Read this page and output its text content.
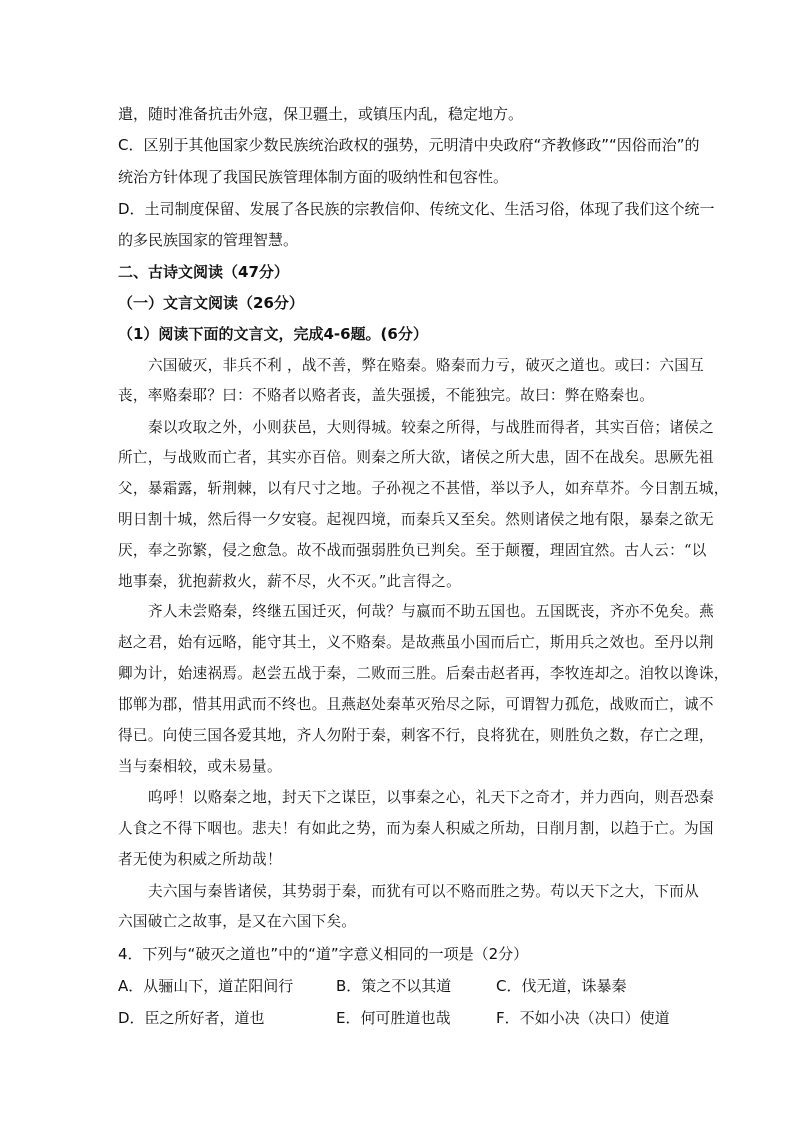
遣，随时准备抗击外寇，保卫疆土，或镇压内乱，稳定地方。
C．区别于其他国家少数民族统治政权的强势，元明清中央政府“齐教修政”“因俗而治”的
统治方针体现了我国民族管理体制方面的吸纳性和包容性。
D．土司制度保留、发展了各民族的宗教信仰、传统文化、生活习俗，体现了我们这个统一
的多民族国家的管理智慧。
二、古诗文阅读（47分）
（一）文言文阅读（26分）
（1）阅读下面的文言文，完成4-6题。(6分）
六国破灭，非兵不利 ，战不善，弊在赂秦。赂秦而力亏，破灭之道也。或曰：六国互
丧，率赂秦耶？曰：不赂者以赂者丧，盖失强援，不能独完。故曰：弊在赂秦也。
秦以攻取之外，小则获邑，大则得城。较秦之所得，与战胜而得者，其实百倍；诸侯之
所亡，与战败而亡者，其实亦百倍。则秦之所大欲，诸侯之所大患，固不在战矣。思厥先祖
父，暴霜露，斩荆棘，以有尺寸之地。子孙视之不甚惜，举以予人，如弃草芥。今日割五城，
明日割十城，然后得一夕安寝。起视四境，而秦兵又至矣。然则诸侯之地有限，暴秦之欲无
厌，奉之弥繁，侵之愈急。故不战而强弱胜负已判矣。至于颠覆，理固宜然。古人云：“以
地事秦，犹抱薪救火，薪不尽，火不灭。”此言得之。
齐人未尝赂秦，终继五国迁灭，何哉？与嬴而不助五国也。五国既丧，齐亦不免矣。燕
赵之君，始有远略，能守其土，义不赂秦。是故燕虽小国而后亡，斯用兵之效也。至丹以荆
卿为计，始速祸焉。赵尝五战于秦，二败而三胜。后秦击赵者再，李牧连却之。洎牧以谗诛，
邯郸为郡，惜其用武而不终也。且燕赵处秦革灭殆尽之际，可谓智力孤危，战败而亡，诚不
得已。向使三国各爱其地，齐人勿附于秦，刺客不行，良将犹在，则胜负之数，存亡之理，
当与秦相较，或未易量。
呜呼！以赂秦之地，封天下之谋臣，以事秦之心，礼天下之奇才，并力西向，则吾恐秦
人食之不得下咽也。悲夫！有如此之势，而为秦人积威之所劫，日削月割，以趋于亡。为国
者无使为积威之所劫哉！
夫六国与秦皆诸侯，其势弱于秦，而犹有可以不赂而胜之势。苟以天下之大，下而从
六国破亡之故事，是又在六国下矣。
4．下列与“破灭之道也”中的“道”字意义相同的一项是（2分）
A．从骊山下，道芷阳间行	B．策之不以其道	C．伐无道，诛暴秦
D．臣之所好者，道也	E．何可胜道也哉	F．不如小决（决口）使道
